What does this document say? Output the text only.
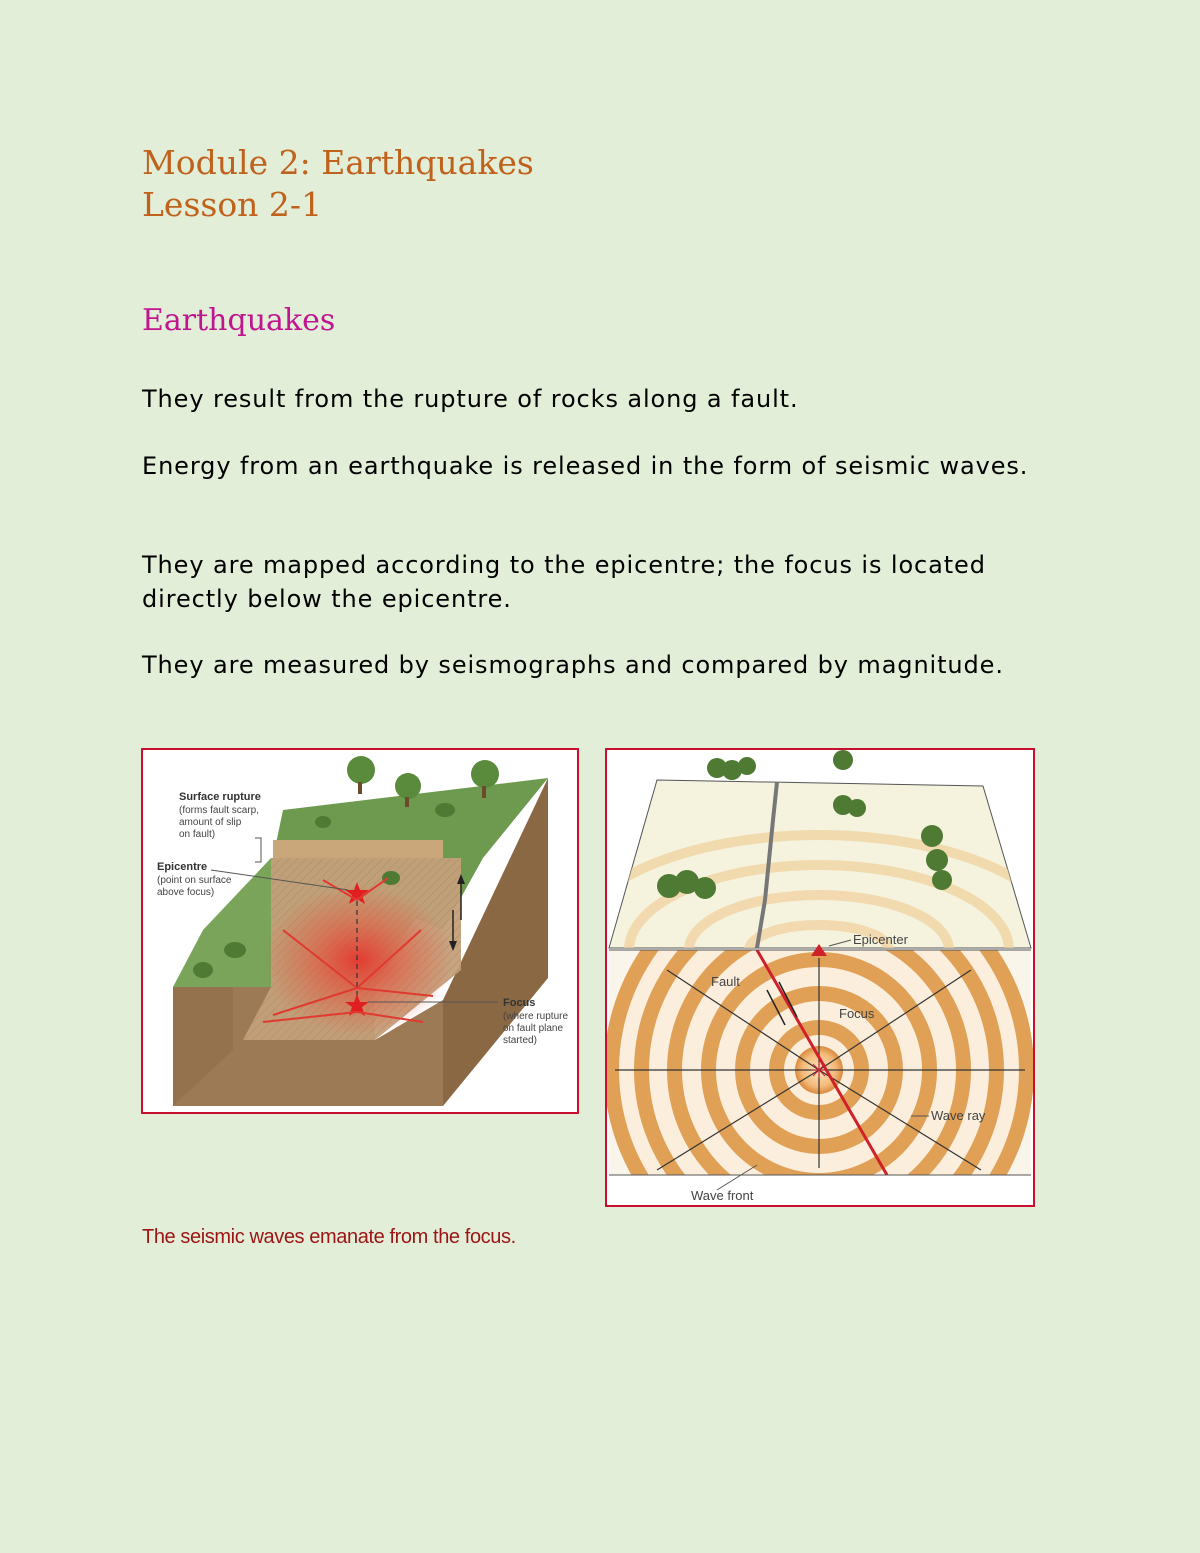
Module 2: Earthquakes
Lesson 2-1
Earthquakes

They result from the rupture of rocks along a fault.

Energy from an earthquake is released in the form of seismic waves.

They are mapped according to the epicentre; the focus is located directly below the epicentre.

They are measured by seismographs and compared by magnitude.

Surface rupture
(forms fault scarp,
amount of slip
on fault)
Epicentre
(point on surface
above focus)
Focus
(where rupture
on fault plane
started)
Epicenter
Fault
Focus
Wave ray
Wave front

The seismic waves emanate from the focus.
